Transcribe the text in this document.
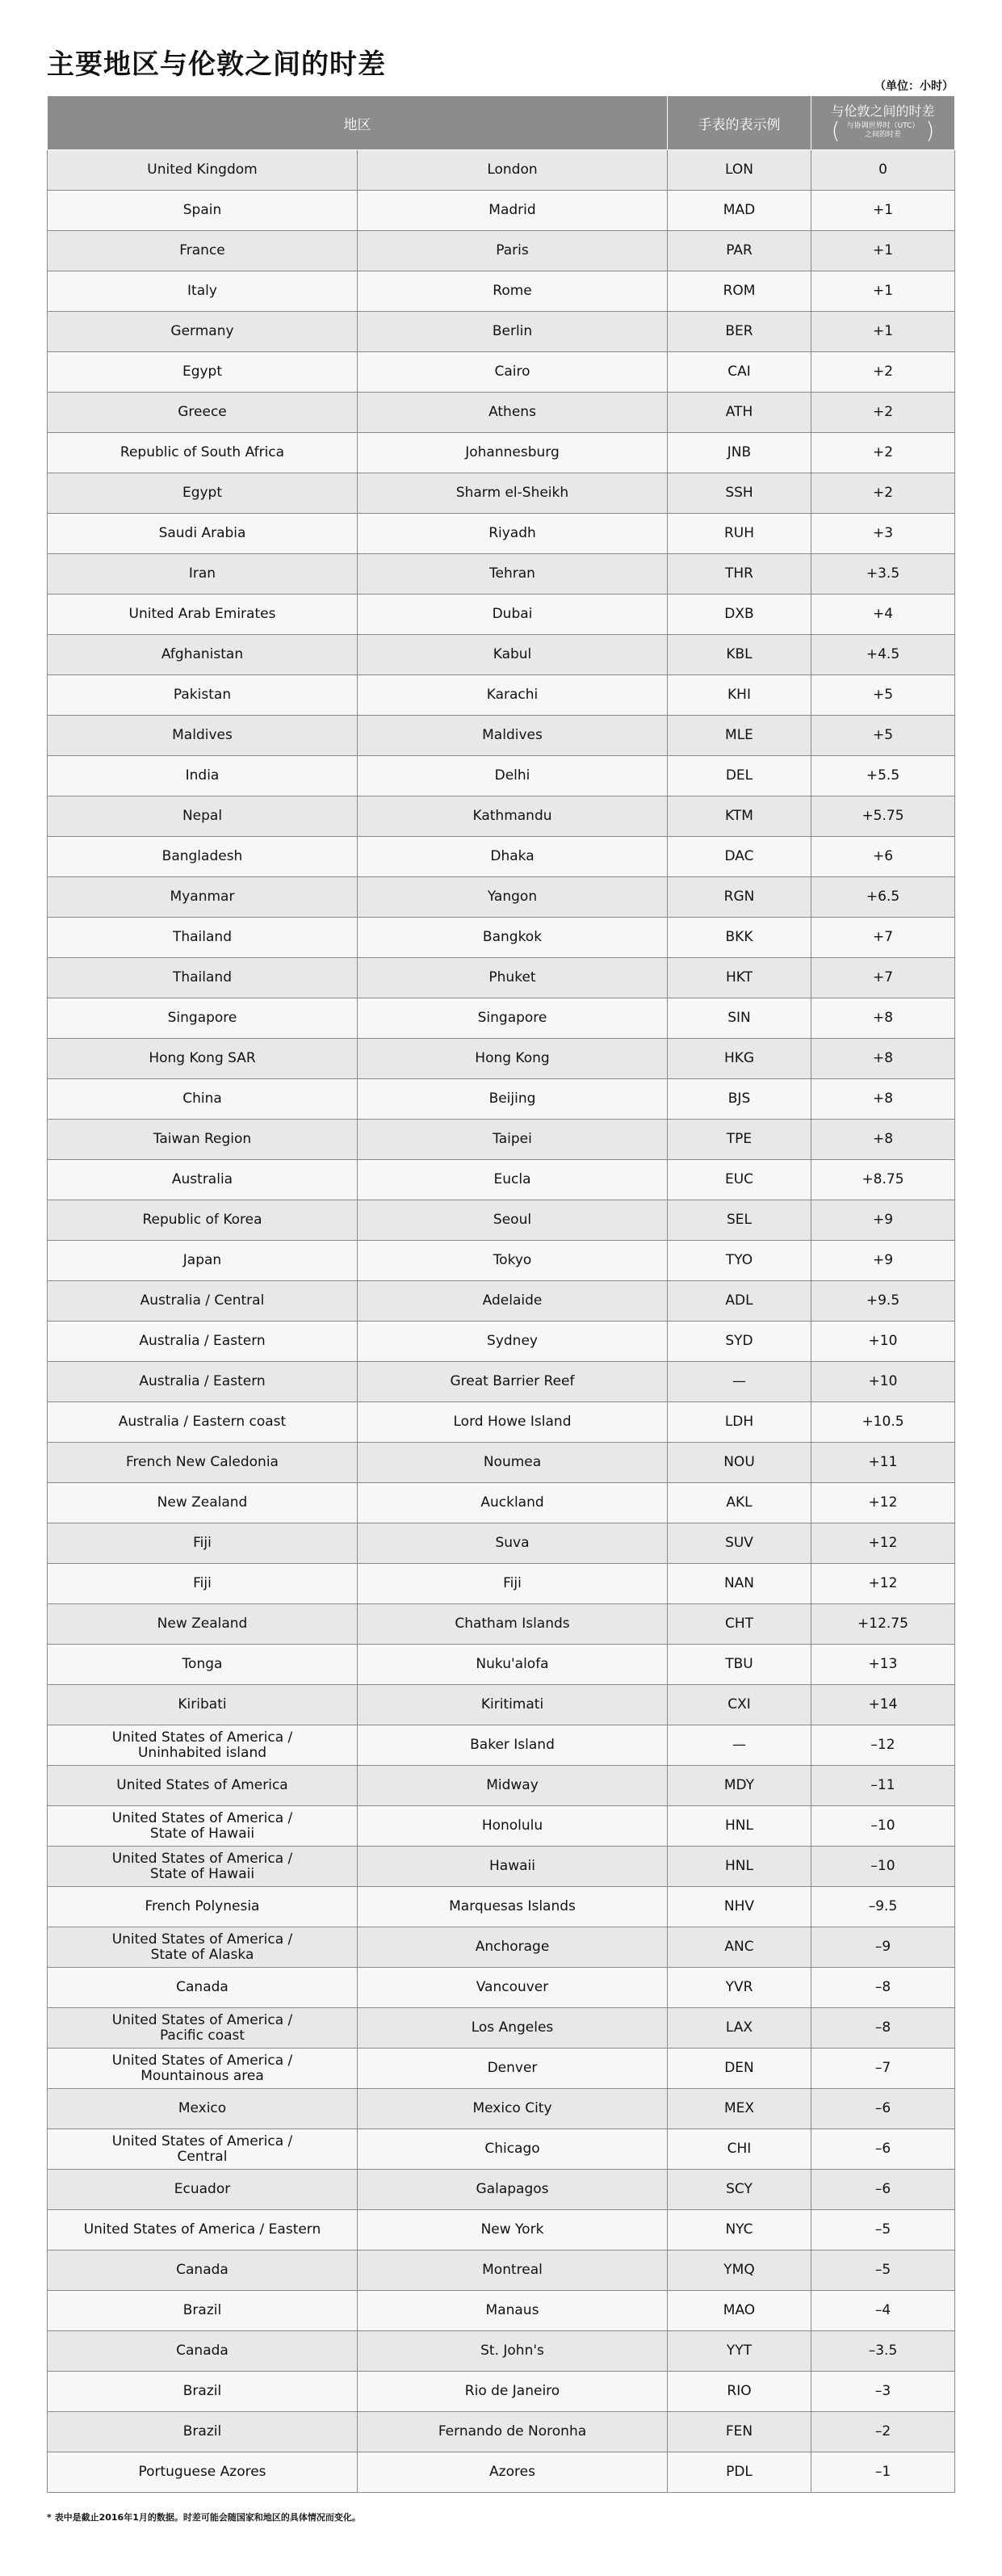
主要地区与伦敦之间的时差
（单位：小时）
地区		手表的表示例	与伦敦之间的时差
( 与协调世界时（UTC）
之间的时差 )

United Kingdom	London	LON	0
Spain	Madrid	MAD	+1
France	Paris	PAR	+1
Italy	Rome	ROM	+1
Germany	Berlin	BER	+1
Egypt	Cairo	CAI	+2
Greece	Athens	ATH	+2
Republic of South Africa	Johannesburg	JNB	+2
Egypt	Sharm el-Sheikh	SSH	+2
Saudi Arabia	Riyadh	RUH	+3
Iran	Tehran	THR	+3.5
United Arab Emirates	Dubai	DXB	+4
Afghanistan	Kabul	KBL	+4.5
Pakistan	Karachi	KHI	+5
Maldives	Maldives	MLE	+5
India	Delhi	DEL	+5.5
Nepal	Kathmandu	KTM	+5.75
Bangladesh	Dhaka	DAC	+6
Myanmar	Yangon	RGN	+6.5
Thailand	Bangkok	BKK	+7
Thailand	Phuket	HKT	+7
Singapore	Singapore	SIN	+8
Hong Kong SAR	Hong Kong	HKG	+8
China	Beijing	BJS	+8
Taiwan Region	Taipei	TPE	+8
Australia	Eucla	EUC	+8.75
Republic of Korea	Seoul	SEL	+9
Japan	Tokyo	TYO	+9
Australia / Central	Adelaide	ADL	+9.5
Australia / Eastern	Sydney	SYD	+10
Australia / Eastern	Great Barrier Reef	—	+10
Australia / Eastern coast	Lord Howe Island	LDH	+10.5
French New Caledonia	Noumea	NOU	+11
New Zealand	Auckland	AKL	+12
Fiji	Suva	SUV	+12
Fiji	Fiji	NAN	+12
New Zealand	Chatham Islands	CHT	+12.75
Tonga	Nuku'alofa	TBU	+13
Kiribati	Kiritimati	CXI	+14
United States of America /
Uninhabited island	Baker Island	—	–12
United States of America	Midway	MDY	–11
United States of America /
State of Hawaii	Honolulu	HNL	–10
United States of America /
State of Hawaii	Hawaii	HNL	–10
French Polynesia	Marquesas Islands	NHV	–9.5
United States of America /
State of Alaska	Anchorage	ANC	–9
Canada	Vancouver	YVR	–8
United States of America /
Pacific coast	Los Angeles	LAX	–8
United States of America /
Mountainous area	Denver	DEN	–7
Mexico	Mexico City	MEX	–6
United States of America /
Central	Chicago	CHI	–6
Ecuador	Galapagos	SCY	–6
United States of America / Eastern	New York	NYC	–5
Canada	Montreal	YMQ	–5
Brazil	Manaus	MAO	–4
Canada	St. John's	YYT	–3.5
Brazil	Rio de Janeiro	RIO	–3
Brazil	Fernando de Noronha	FEN	–2
Portuguese Azores	Azores	PDL	–1
* 表中是截止2016年1月的数据。时差可能会随国家和地区的具体情况而变化。
